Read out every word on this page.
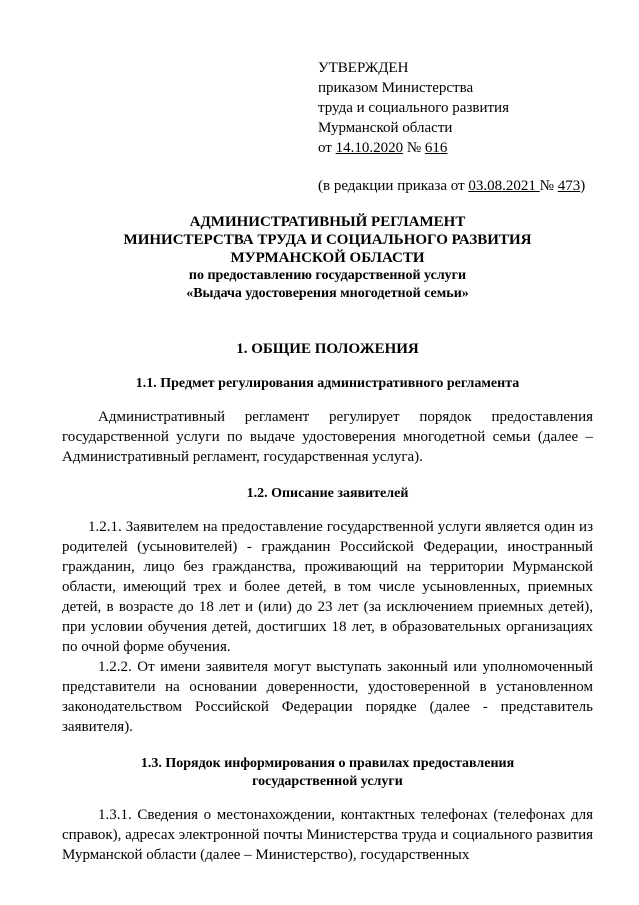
УТВЕРЖДЕН
приказом Министерства
труда и социального развития
Мурманской области
от 14.10.2020 № 616
(в редакции приказа от 03.08.2021 № 473)
АДМИНИСТРАТИВНЫЙ РЕГЛАМЕНТ
МИНИСТЕРСТВА ТРУДА И СОЦИАЛЬНОГО РАЗВИТИЯ
МУРМАНСКОЙ ОБЛАСТИ
по предоставлению государственной услуги
«Выдача удостоверения многодетной семьи»
1. ОБЩИЕ ПОЛОЖЕНИЯ
1.1. Предмет регулирования административного регламента

Административный регламент регулирует порядок предоставления государственной услуги по выдаче удостоверения многодетной семьи (далее – Административный регламент, государственная услуга).

1.2. Описание заявителей

1.2.1. Заявителем на предоставление государственной услуги является один из родителей (усыновителей) - гражданин Российской Федерации, иностранный гражданин, лицо без гражданства, проживающий на территории Мурманской области, имеющий трех и более детей, в том числе усыновленных, приемных детей, в возрасте до 18 лет и (или) до 23 лет (за исключением приемных детей), при условии обучения детей, достигших 18 лет, в образовательных организациях по очной форме обучения.

1.2.2. От имени заявителя могут выступать законный или уполномоченный представители на основании доверенности, удостоверенной в установленном законодательством Российской Федерации порядке (далее - представитель заявителя).

1.3. Порядок информирования о правилах предоставления
государственной услуги

1.3.1. Сведения о местонахождении, контактных телефонах (телефонах для справок), адресах электронной почты Министерства труда и социального развития Мурманской области (далее – Министерство), государственных
